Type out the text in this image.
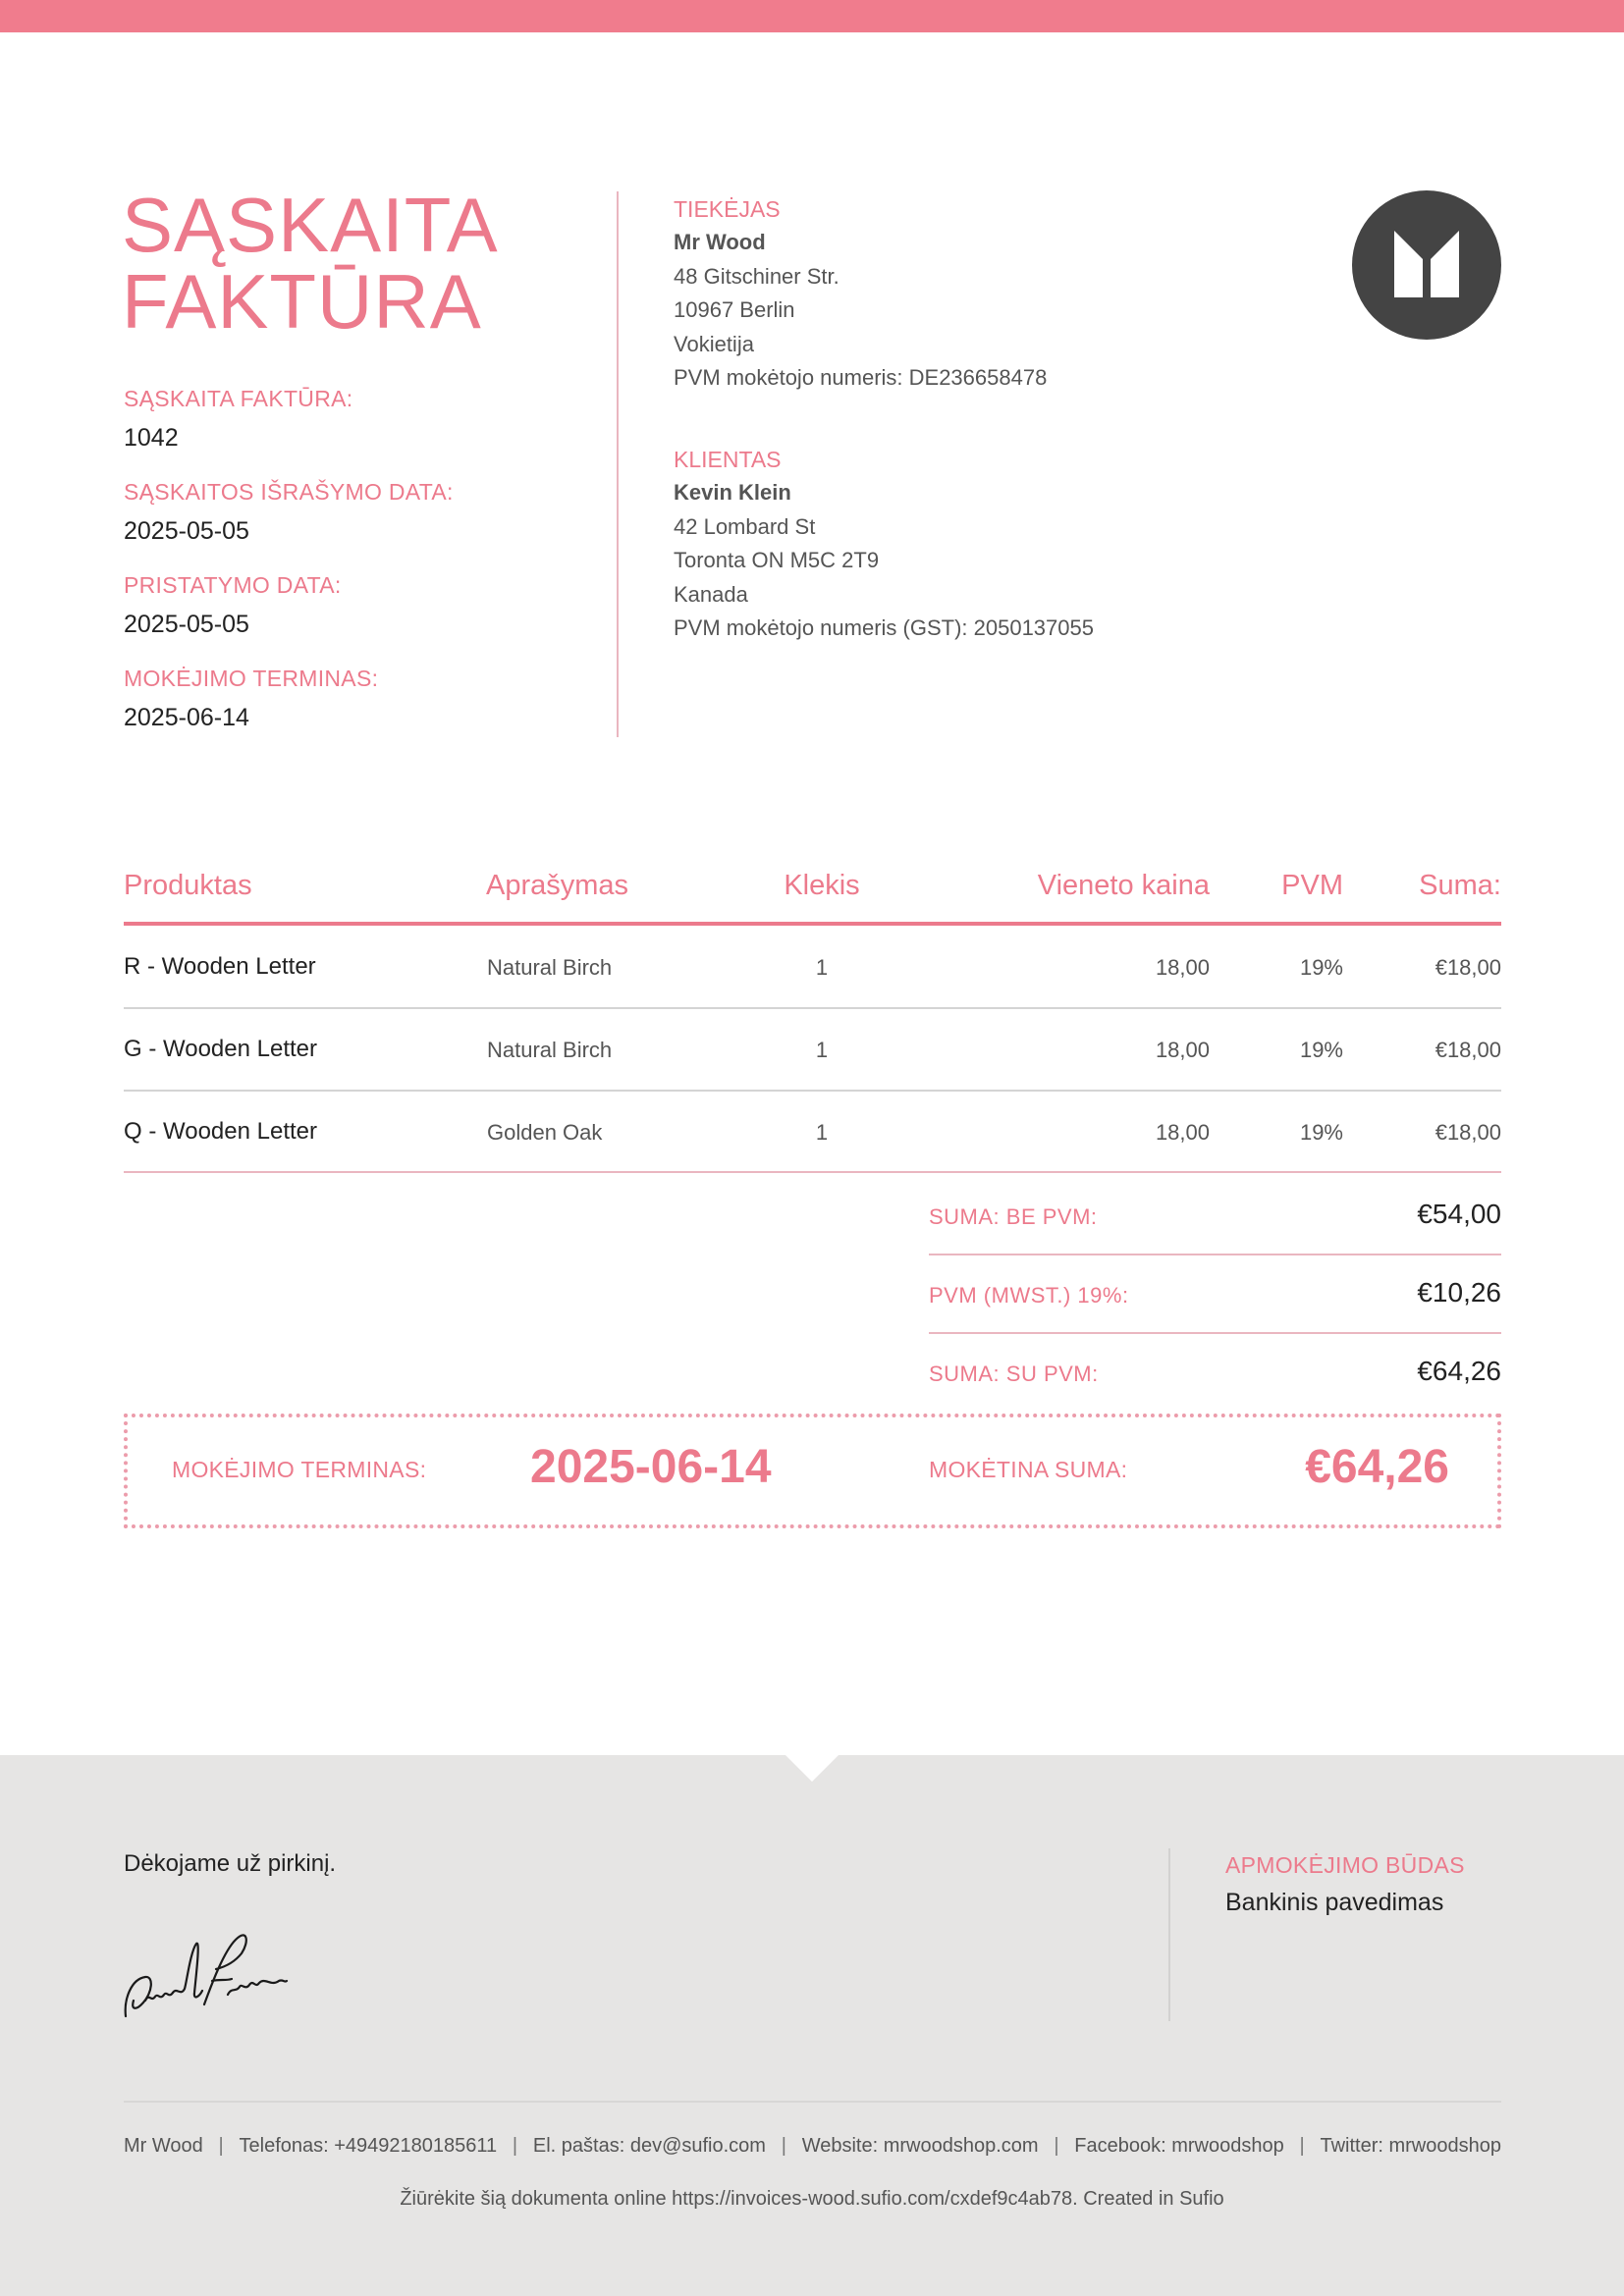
SĄSKAITA
FAKTŪRA
SĄSKAITA FAKTŪRA:
1042
SĄSKAITOS IŠRAŠYMO DATA:
2025-05-05
PRISTATYMO DATA:
2025-05-05
MOKĖJIMO TERMINAS:
2025-06-14
TIEKĖJAS
Mr Wood
48 Gitschiner Str.
10967 Berlin
Vokietija
PVM mokėtojo numeris: DE236658478
KLIENTAS
Kevin Klein
42 Lombard St
Toronta ON M5C 2T9
Kanada
PVM mokėtojo numeris (GST): 2050137055
Produktas	Aprašymas	Klekis	Vieneto kaina	PVM	Suma:
R - Wooden Letter	Natural Birch	1	18,00	19%	€18,00
G - Wooden Letter	Natural Birch	1	18,00	19%	€18,00
Q - Wooden Letter	Golden Oak	1	18,00	19%	€18,00
SUMA: BE PVM:	€54,00
PVM (MWST.) 19%:	€10,26
SUMA: SU PVM:	€64,26
MOKĖJIMO TERMINAS: 2025-06-14	MOKĖTINA SUMA:	€64,26
Dėkojame už pirkinį.	APMOKĖJIMO BŪDAS
Bankinis pavedimas
Mr Wood | Telefonas: +49492180185611 | El. paštas: dev@sufio.com | Website: mrwoodshop.com | Facebook: mrwoodshop | Twitter: mrwoodshop
Žiūrėkite šią dokumenta online https://invoices-wood.sufio.com/cxdef9c4ab78. Created in Sufio
